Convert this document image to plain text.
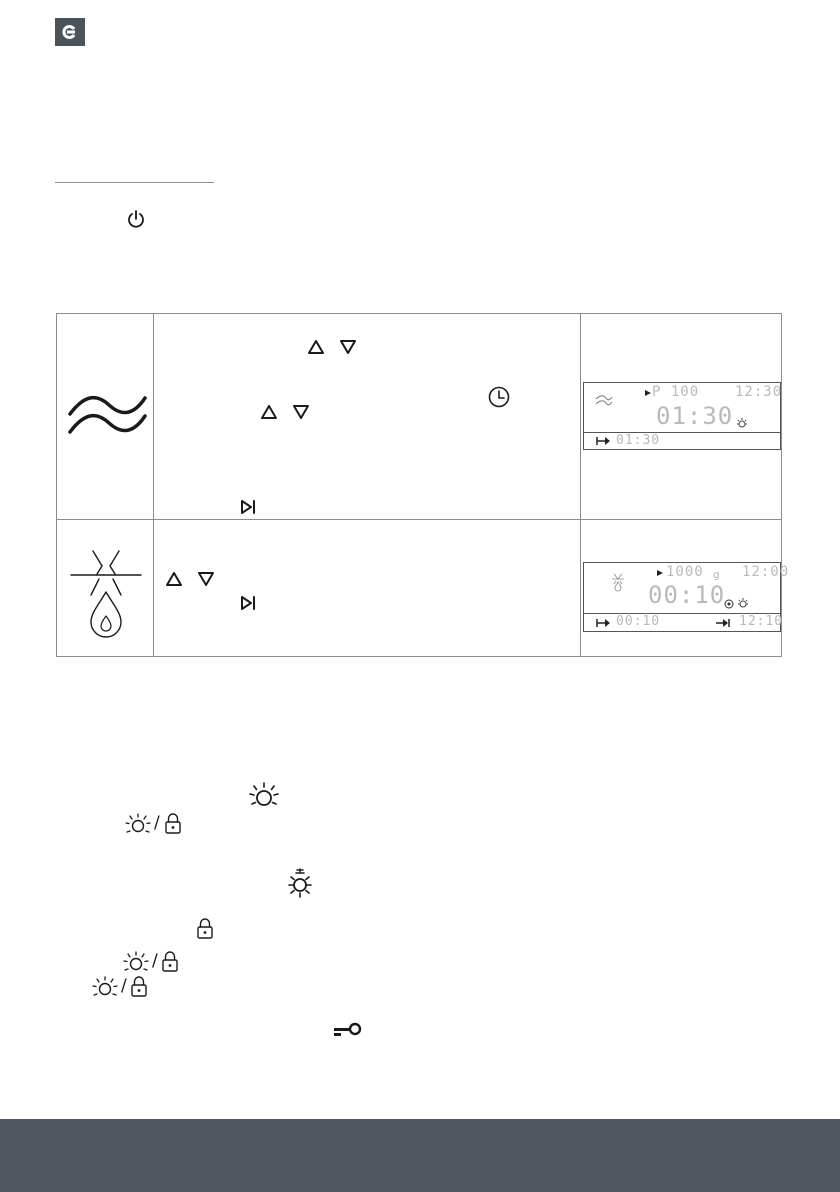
P 100	12:30
01:30
01:30
1000 g 12:00
00:10
00:10	12:10
/
/
/
